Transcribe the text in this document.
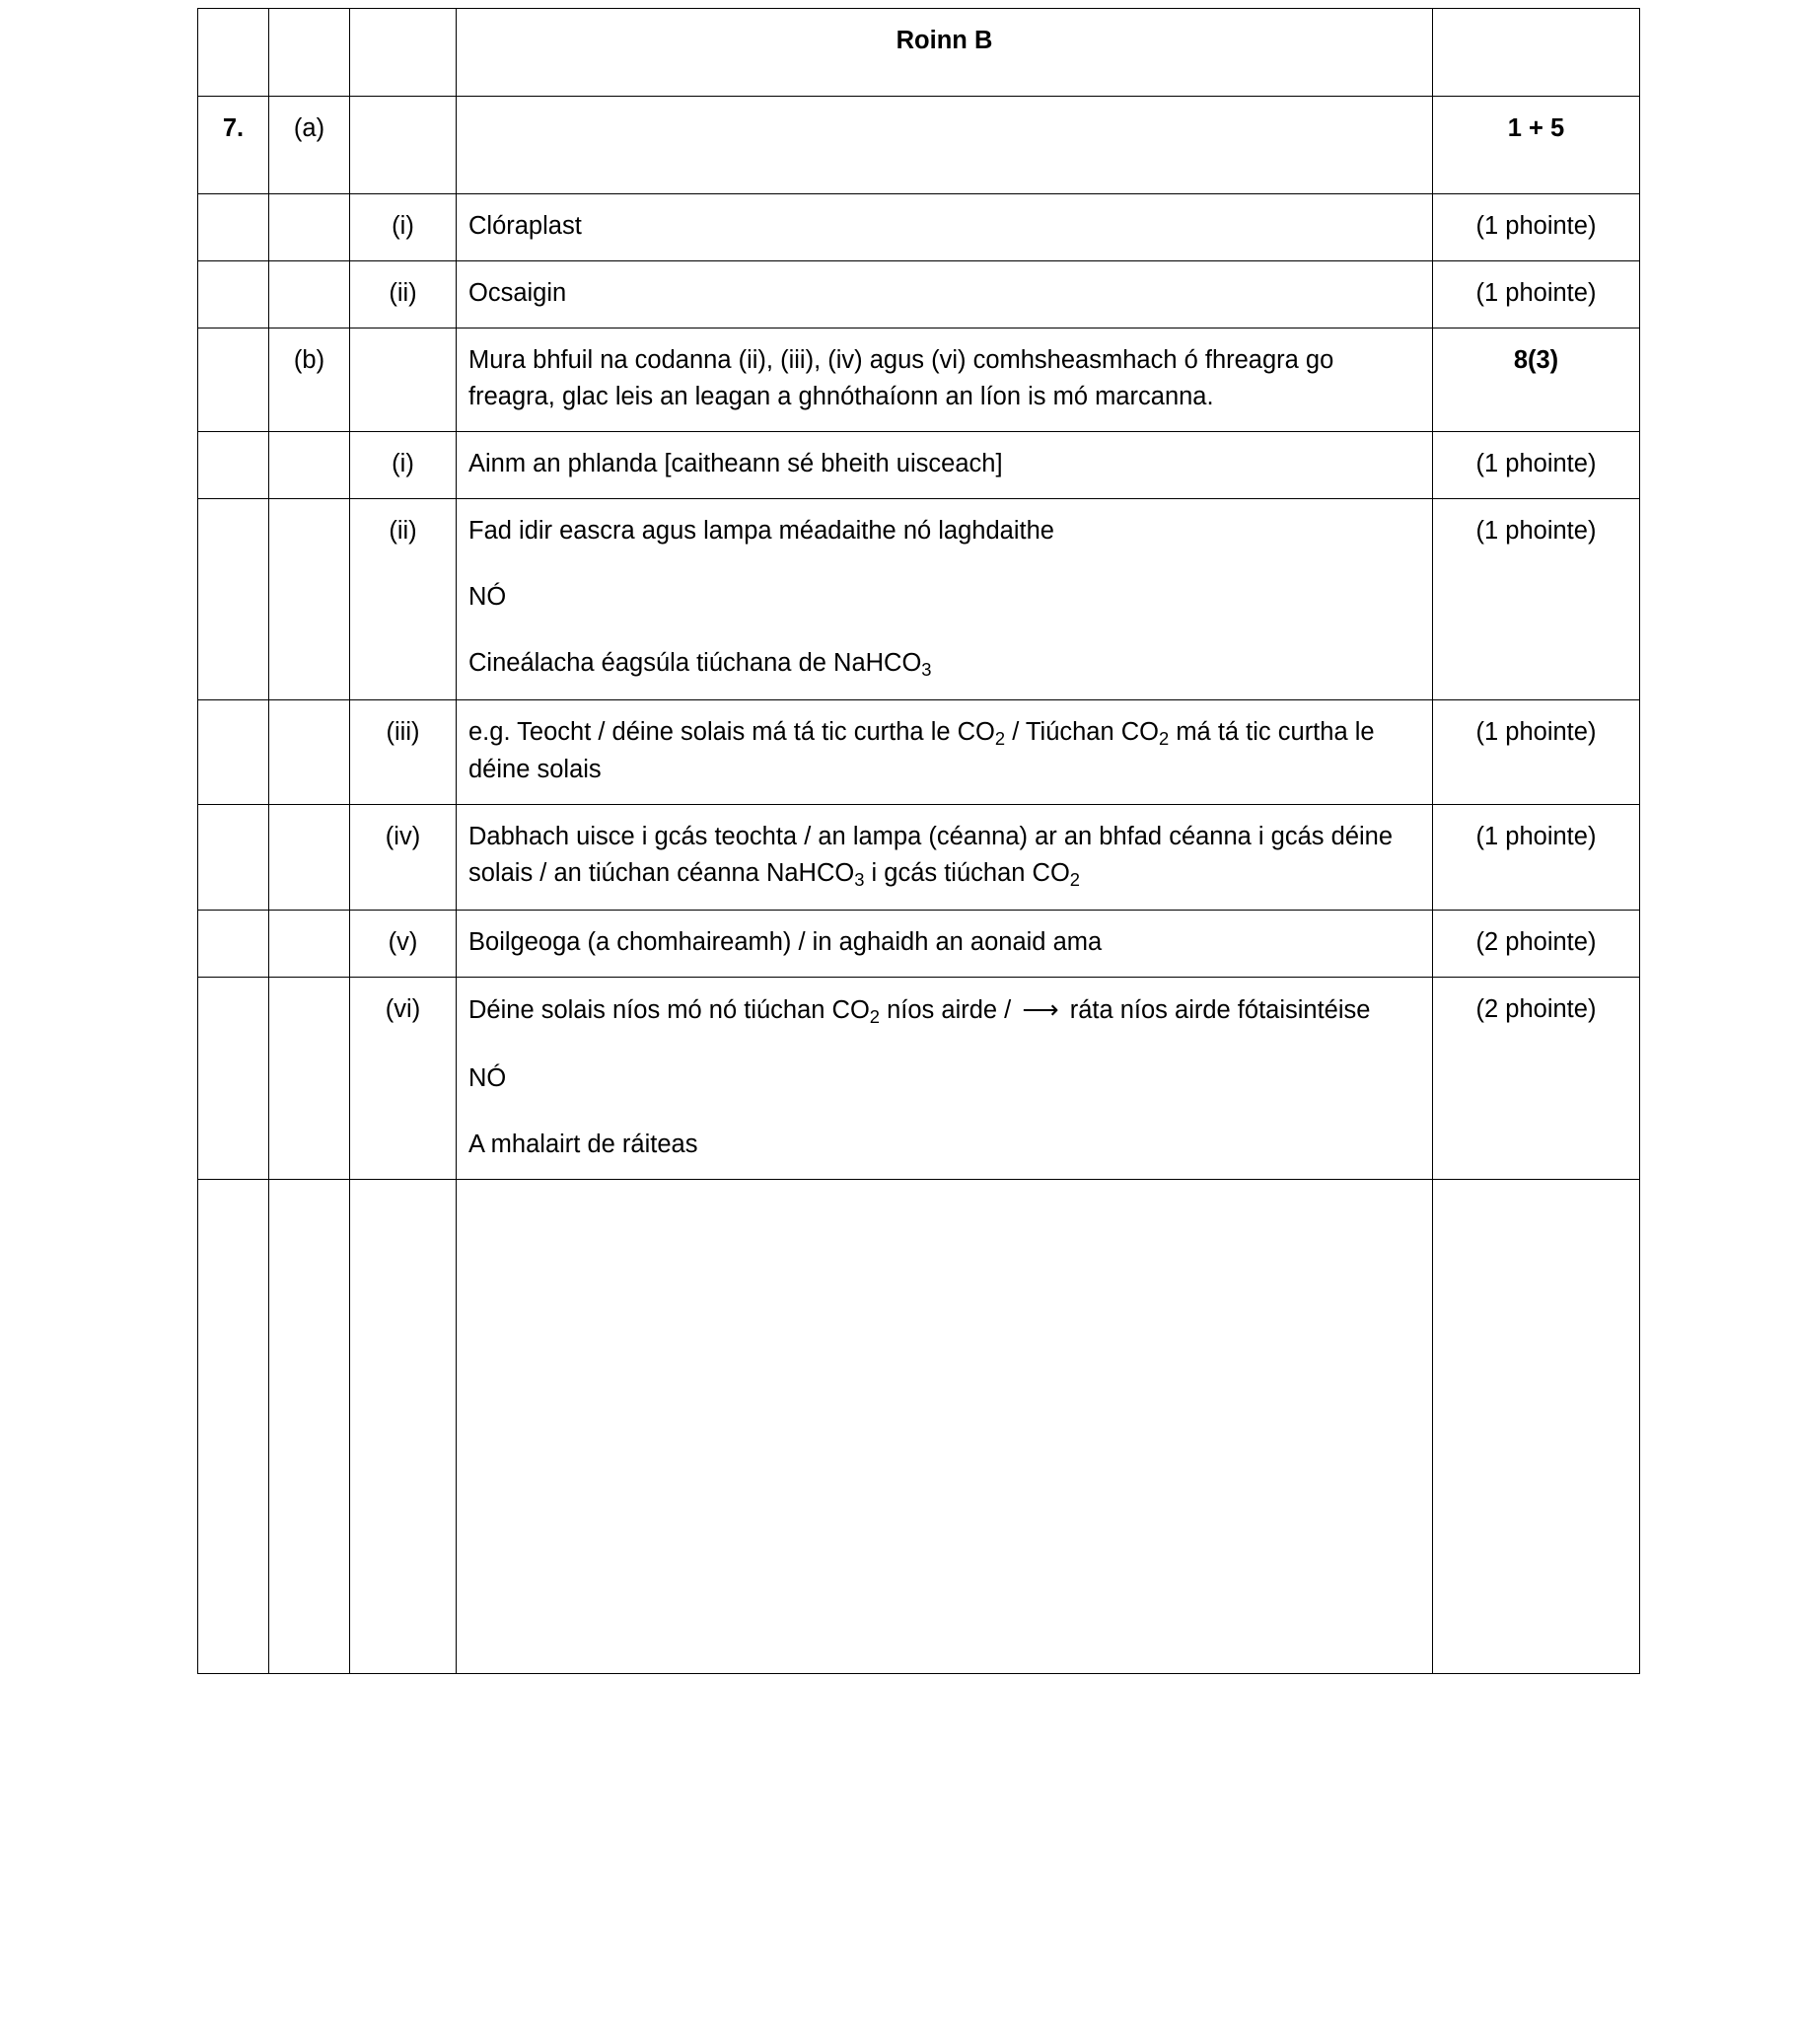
			Roinn B	
7.	(a)			1 + 5
		(i)	Clóraplast	(1 phointe)
		(ii)	Ocsaigin	(1 phointe)
	(b)		Mura bhfuil na codanna (ii), (iii), (iv) agus (vi) comhsheasmhach ó fhreagra go freagra, glac leis an leagan a ghnóthaíonn an líon is mó marcanna.	8(3)
		(i)	Ainm an phlanda [caitheann sé bheith uisceach]	(1 phointe)
		(ii)	Fad idir eascra agus lampa méadaithe nó laghdaithe

NÓ

Cineálacha éagsúla tiúchana de NaHCO$_3$	(1 phointe)
		(iii)	e.g. Teocht / déine solais má tá tic curtha le $CO_2$ / Tiúchan $CO_2$ má tá tic curtha le déine solais	(1 phointe)
		(iv)	Dabhach uisce i gcás teochta / an lampa (céanna) ar an bhfad céanna i gcás déine solais / an tiúchan céanna NaHCO$_3$ i gcás tiúchan $CO_2$	(1 phointe)
		(v)	Boilgeoga (a chomhaireamh) / in aghaidh an aonaid ama	(2 phointe)
		(vi)	Déine solais níos mó nó tiúchan $CO_2$ níos airde / ⟶ ráta níos airde fótaisintéise

NÓ

A mhalairt de ráiteas	(2 phointe)
